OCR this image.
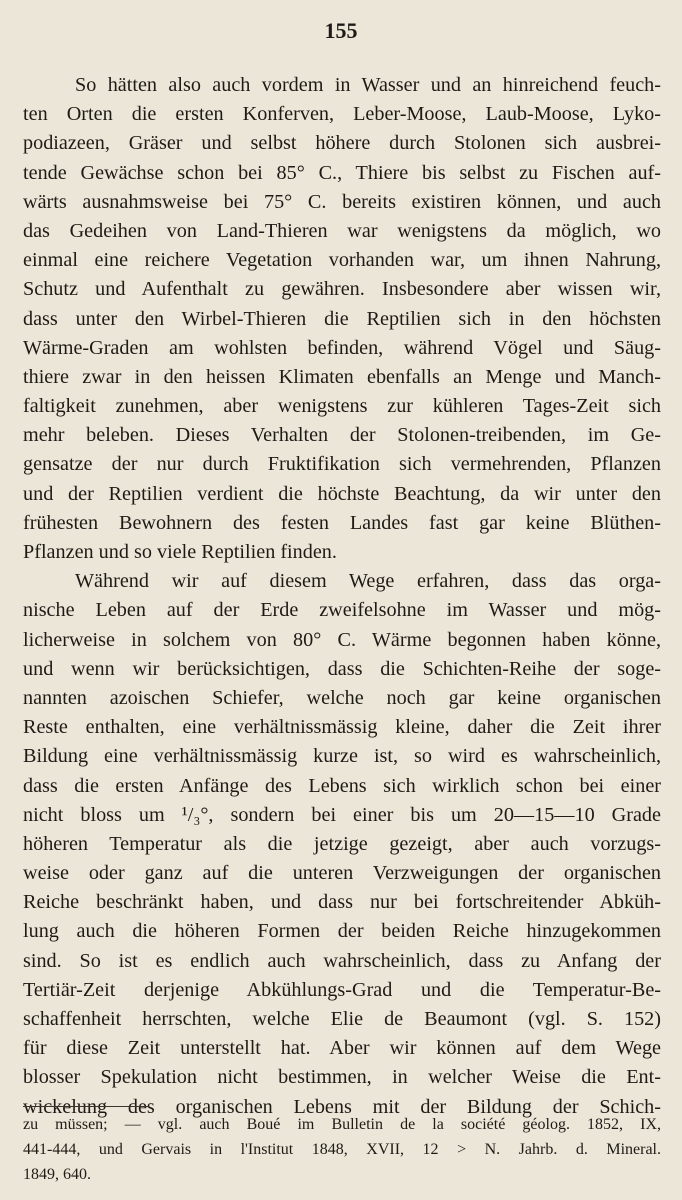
155
So hätten also auch vordem in Wasser und an hinreichend feuch-
ten Orten die ersten Konferven, Leber-Moose, Laub-Moose, Lyko-
podiazeen, Gräser und selbst höhere durch Stolonen sich ausbrei-
tende Gewächse schon bei 85° C., Thiere bis selbst zu Fischen auf-
wärts ausnahmsweise bei 75° C. bereits existiren können, und auch
das Gedeihen von Land-Thieren war wenigstens da möglich, wo
einmal eine reichere Vegetation vorhanden war, um ihnen Nahrung,
Schutz und Aufenthalt zu gewähren. Insbesondere aber wissen wir,
dass unter den Wirbel-Thieren die Reptilien sich in den höchsten
Wärme-Graden am wohlsten befinden, während Vögel und Säug-
thiere zwar in den heissen Klimaten ebenfalls an Menge und Manch-
faltigkeit zunehmen, aber wenigstens zur kühleren Tages-Zeit sich
mehr beleben. Dieses Verhalten der Stolonen-treibenden, im Ge-
gensatze der nur durch Fruktifikation sich vermehrenden, Pflanzen
und der Reptilien verdient die höchste Beachtung, da wir unter den
frühesten Bewohnern des festen Landes fast gar keine Blüthen-
Pflanzen und so viele Reptilien finden.
Während wir auf diesem Wege erfahren, dass das orga-
nische Leben auf der Erde zweifelsohne im Wasser und mög-
licherweise in solchem von 80° C. Wärme begonnen haben könne,
und wenn wir berücksichtigen, dass die Schichten-Reihe der soge-
nannten azoischen Schiefer, welche noch gar keine organischen
Reste enthalten, eine verhältnissmässig kleine, daher die Zeit ihrer
Bildung eine verhältnissmässig kurze ist, so wird es wahrscheinlich,
dass die ersten Anfänge des Lebens sich wirklich schon bei einer
nicht bloss um ¹/₃°, sondern bei einer bis um 20—15—10 Grade
höheren Temperatur als die jetzige gezeigt, aber auch vorzugs-
weise oder ganz auf die unteren Verzweigungen der organischen
Reiche beschränkt haben, und dass nur bei fortschreitender Abküh-
lung auch die höheren Formen der beiden Reiche hinzugekommen
sind. So ist es endlich auch wahrscheinlich, dass zu Anfang der
Tertiär-Zeit derjenige Abkühlungs-Grad und die Temperatur-Be-
schaffenheit herrschten, welche Elie de Beaumont (vgl. S. 152)
für diese Zeit unterstellt hat. Aber wir können auf dem Wege
blosser Spekulation nicht bestimmen, in welcher Weise die Ent-
wickelung des organischen Lebens mit der Bildung der Schich-
zu müssen; — vgl. auch Boué im Bulletin de la société géolog. 1852, IX,
441-444, und Gervais in l'Institut 1848, XVII, 12 > N. Jahrb. d. Mineral.
1849, 640.
